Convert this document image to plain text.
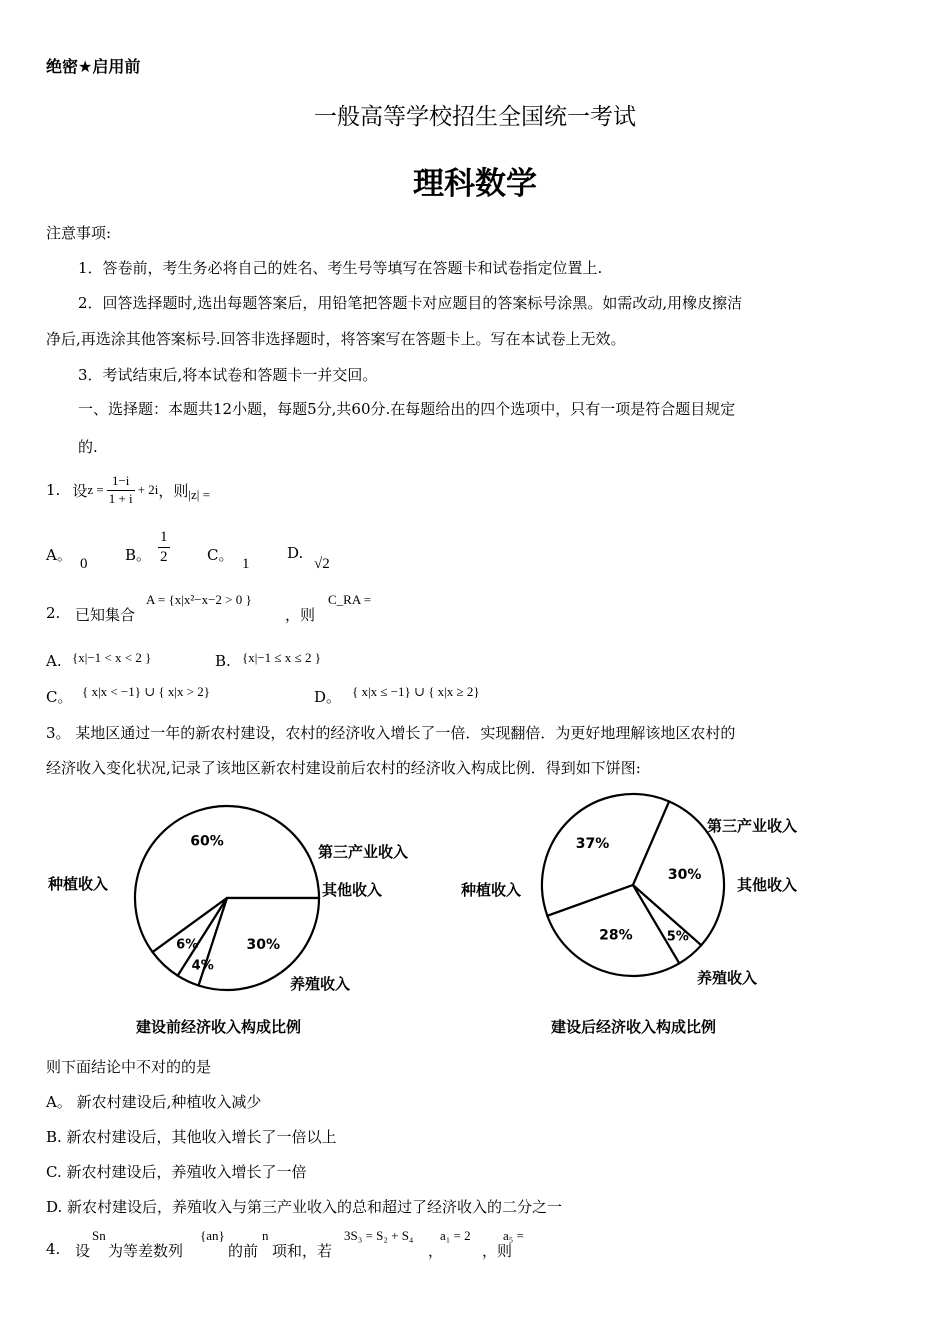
绝密★启用前
一般高等学校招生全国统一考试
理科数学
注意事项:
1．答卷前，考生务必将自己的姓名、考生号等填写在答题卡和试卷指定位置上.
2．回答选择题时,选出每题答案后，用铅笔把答题卡对应题目的答案标号涂黑。如需改动,用橡皮擦洁
净后,再选涂其他答案标号.回答非选择题时，将答案写在答题卡上。写在本试卷上无效。
3．考试结束后,将本试卷和答题卡一并交回。
一、选择题：本题共12小题，每题5分,共60分.在每题给出的四个选项中，只有一项是符合题目规定
的.
1. 设 $z = \frac{1-i}{1 + i} + 2i$ ，则 |z| =
A。 0	B。 $\frac{1}{2}$	C。 1
D.
√2
2. 已知集合
A = {x|x²−x−2 > 0 }
，则
C_RA =
A. {x|−1 < x < 2 }	B. {x|−1 ≤ x ≤ 2 }
C。 { x|x < −1} ∪ { x|x > 2}	D。 { x|x ≤ −1} ∪ { x|x ≥ 2}
3。 某地区通过一年的新农村建设，农村的经济收入增长了一倍．实现翻倍．为更好地理解该地区农村的
经济收入变化状况,记录了该地区新农村建设前后农村的经济收入构成比例．得到如下饼图:
60%
6%
4%
30%
种植收入
第三产业收入
其他收入
养殖收入
建设前经济收入构成比例
37%
28%	5%
30%
种植收入
第三产业收入
其他收入
养殖收入
建设后经济收入构成比例
则下面结论中不对的的是
A。 新农村建设后,种植收入减少
B. 新农村建设后，其他收入增长了一倍以上
C. 新农村建设后，养殖收入增长了一倍
D. 新农村建设后，养殖收入与第三产业收入的总和超过了经济收入的二分之一
4. 设
Sn
为等差数列
{an}
的前
n
项和，若
3S₃ = S₂ + S₄
，
a₁ = 2
，则
a₅ =
